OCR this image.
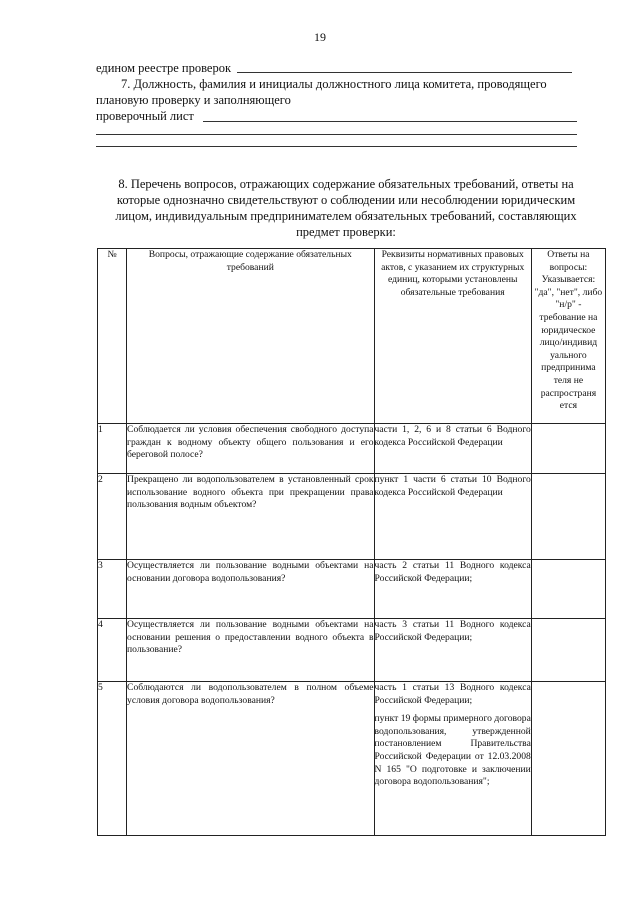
19
едином реестре проверок
7. Должность, фамилия и инициалы должностного лица комитета, проводящего
плановую проверку и заполняющего
проверочный лист
8. Перечень вопросов, отражающих содержание обязательных требований, ответы на
которые однозначно свидетельствуют о соблюдении или несоблюдении юридическим
лицом, индивидуальным предпринимателем обязательных требований, составляющих
предмет проверки:
№	Вопросы, отражающие содержание обязательных требований	Реквизиты нормативных правовых актов, с указанием их структурных единиц, которыми установлены обязательные требования	Ответы на вопросы: Указывается: "да", "нет", либо "н/р" - требование на юридическое лицо/индивид уального предпринима теля не распространя ется
1	Соблюдается ли условия обеспечения свободного доступа граждан к водному объекту общего пользования и его береговой полосе?	части 1, 2, 6 и 8 статьи 6 Водного кодекса Российской Федерации	
2	Прекращено ли водопользователем в установленный срок использование водного объекта при прекращении права пользования водным объектом?	пункт 1 части 6 статьи 10 Водного кодекса Российской Федерации	
3	Осуществляется ли пользование водными объектами на основании договора водопользования?	часть 2 статьи 11 Водного кодекса Российской Федерации;	
4	Осуществляется ли пользование водными объектами на основании решения о предоставлении водного объекта в пользование?	часть 3 статьи 11 Водного кодекса Российской Федерации;	
5	Соблюдаются ли водопользователем в полном объеме условия договора водопользования?	часть 1 статьи 13 Водного кодекса Российской Федерации;

пункт 19 формы примерного договора водопользования, утвержденной постановлением Правительства Российской Федерации от 12.03.2008 N 165 "О подготовке и заключении договора водопользования";	
